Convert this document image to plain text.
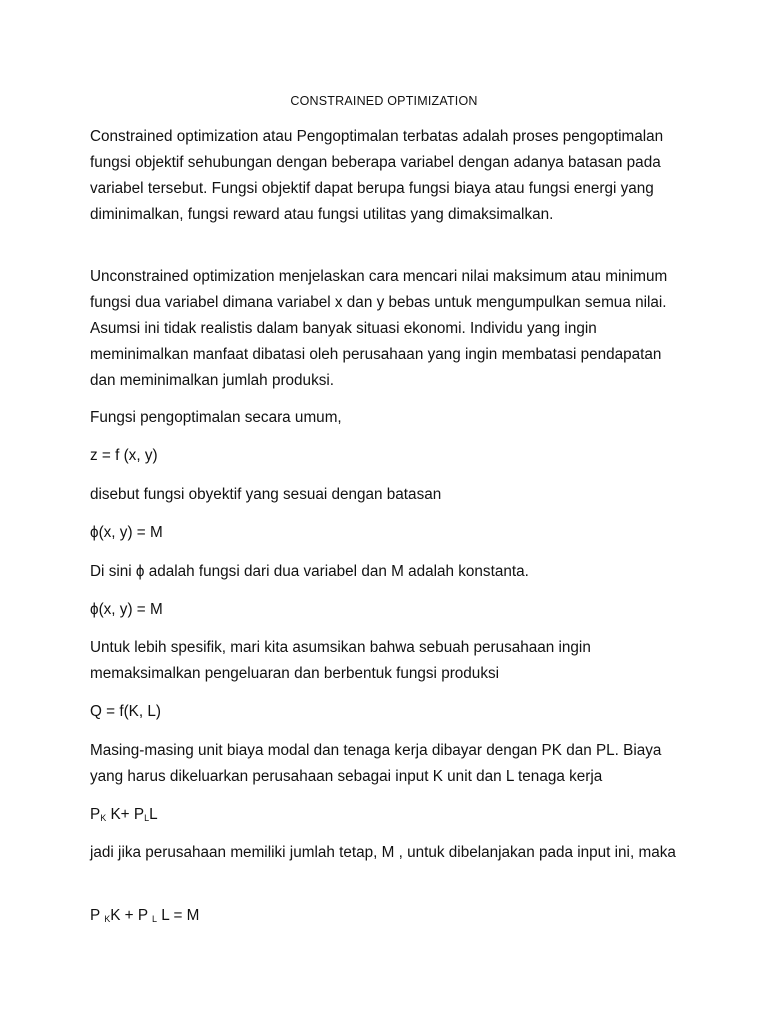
CONSTRAINED OPTIMIZATION

Constrained optimization atau Pengoptimalan terbatas adalah proses pengoptimalan fungsi objektif sehubungan dengan beberapa variabel dengan adanya batasan pada variabel tersebut. Fungsi objektif dapat berupa fungsi biaya atau fungsi energi yang diminimalkan, fungsi reward atau fungsi utilitas yang dimaksimalkan.

Unconstrained optimization menjelaskan cara mencari nilai maksimum atau minimum fungsi dua variabel dimana variabel x dan y bebas untuk mengumpulkan semua nilai. Asumsi ini tidak realistis dalam banyak situasi ekonomi. Individu yang ingin meminimalkan manfaat dibatasi oleh perusahaan yang ingin membatasi pendapatan dan meminimalkan jumlah produksi.

Fungsi pengoptimalan secara umum,
z = f (x, y)
disebut fungsi obyektif yang sesuai dengan batasan
ϕ(x, y) = M
Di sini ϕ adalah fungsi dari dua variabel dan M adalah konstanta.
ϕ(x, y) = M

Untuk lebih spesifik, mari kita asumsikan bahwa sebuah perusahaan ingin memaksimalkan pengeluaran dan berbentuk fungsi produksi

Q = f(K, L)

Masing-masing unit biaya modal dan tenaga kerja dibayar dengan PK dan PL. Biaya yang harus dikeluarkan perusahaan sebagai input K unit dan L tenaga kerja

$P_K$ $K+ P_LL$

jadi jika perusahaan memiliki jumlah tetap, M , untuk dibelanjakan pada input ini, maka

P $_K$K + P $_L$ L = M
